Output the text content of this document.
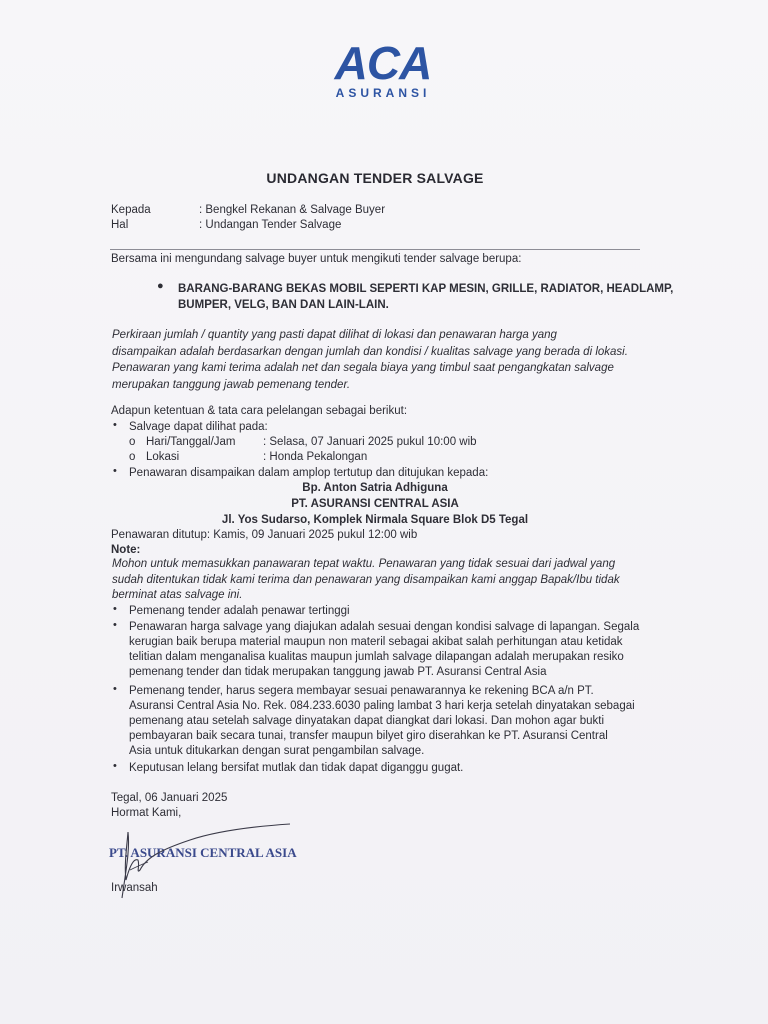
ACA
ASURANSI
UNDANGAN TENDER SALVAGE
Kepada	: Bengkel Rekanan & Salvage Buyer
Hal	: Undangan Tender Salvage
Bersama ini mengundang salvage buyer untuk mengikuti tender salvage berupa:
● BARANG-BARANG BEKAS MOBIL SEPERTI KAP MESIN, GRILLE, RADIATOR, HEADLAMP,
BUMPER, VELG, BAN DAN LAIN-LAIN.
Perkiraan jumlah / quantity yang pasti dapat dilihat di lokasi dan penawaran harga yang
disampaikan adalah berdasarkan dengan jumlah dan kondisi / kualitas salvage yang berada di lokasi.
Penawaran yang kami terima adalah net dan segala biaya yang timbul saat pengangkatan salvage
merupakan tanggung jawab pemenang tender.
Adapun ketentuan & tata cara pelelangan sebagai berikut:
• Salvage dapat dilihat pada:
o Hari/Tanggal/Jam : Selasa, 07 Januari 2025 pukul 10:00 wib
o Lokasi	: Honda Pekalongan
• Penawaran disampaikan dalam amplop tertutup dan ditujukan kepada:
Bp. Anton Satria Adhiguna
PT. ASURANSI CENTRAL ASIA
Jl. Yos Sudarso, Komplek Nirmala Square Blok D5 Tegal
Penawaran ditutup: Kamis, 09 Januari 2025 pukul 12:00 wib
Note:
Mohon untuk memasukkan panawaran tepat waktu. Penawaran yang tidak sesuai dari jadwal yang
sudah ditentukan tidak kami terima dan penawaran yang disampaikan kami anggap Bapak/Ibu tidak
berminat atas salvage ini.
• Pemenang tender adalah penawar tertinggi
• Penawaran harga salvage yang diajukan adalah sesuai dengan kondisi salvage di lapangan. Segala
kerugian baik berupa material maupun non materil sebagai akibat salah perhitungan atau ketidak
telitian dalam menganalisa kualitas maupun jumlah salvage dilapangan adalah merupakan resiko
pemenang tender dan tidak merupakan tanggung jawab PT. Asuransi Central Asia
• Pemenang tender, harus segera membayar sesuai penawarannya ke rekening BCA a/n PT.
Asuransi Central Asia No. Rek. 084.233.6030 paling lambat 3 hari kerja setelah dinyatakan sebagai
pemenang atau setelah salvage dinyatakan dapat diangkat dari lokasi. Dan mohon agar bukti
pembayaran baik secara tunai, transfer maupun bilyet giro diserahkan ke PT. Asuransi Central
Asia untuk ditukarkan dengan surat pengambilan salvage.
• Keputusan lelang bersifat mutlak dan tidak dapat diganggu gugat.
Tegal, 06 Januari 2025
Hormat Kami,
PT. ASURANSI CENTRAL ASIA
Irwansah
